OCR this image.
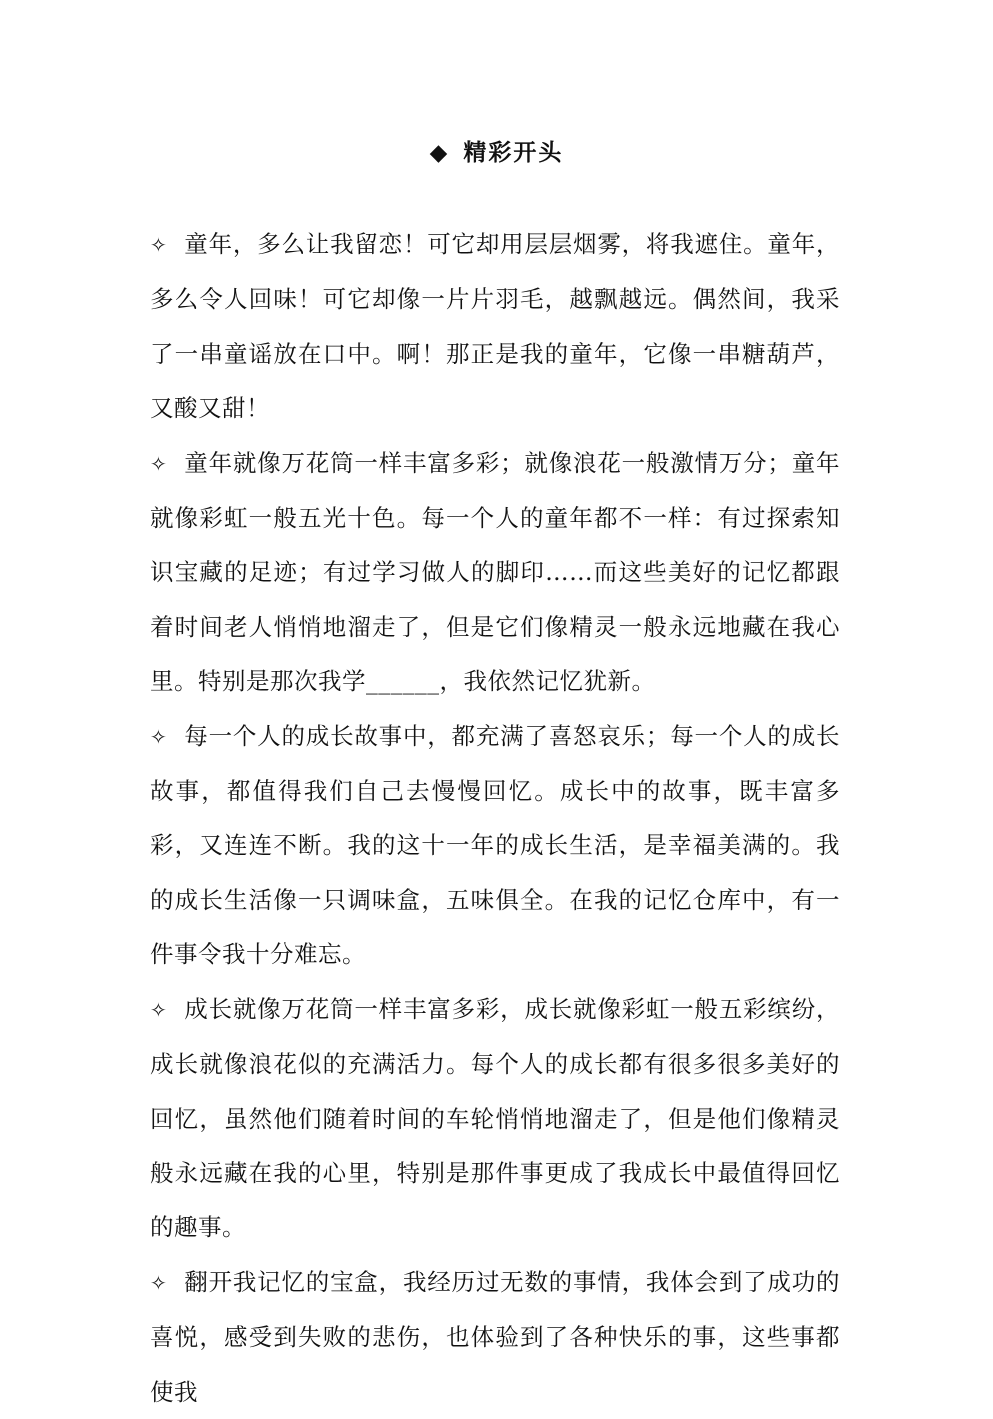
◆ 精彩开头

✧ 童年，多么让我留恋！可它却用层层烟雾，将我遮住。童年，多么令人回味！可它却像一片片羽毛，越飘越远。偶然间，我采了一串童谣放在口中。啊！那正是我的童年，它像一串糖葫芦，又酸又甜！

✧ 童年就像万花筒一样丰富多彩；就像浪花一般激情万分；童年就像彩虹一般五光十色。每一个人的童年都不一样：有过探索知识宝藏的足迹；有过学习做人的脚印……而这些美好的记忆都跟着时间老人悄悄地溜走了，但是它们像精灵一般永远地藏在我心里。特别是那次我学______，我依然记忆犹新。

✧ 每一个人的成长故事中，都充满了喜怒哀乐；每一个人的成长故事，都值得我们自己去慢慢回忆。成长中的故事，既丰富多彩，又连连不断。我的这十一年的成长生活，是幸福美满的。我的成长生活像一只调味盒，五味俱全。在我的记忆仓库中，有一件事令我十分难忘。

✧ 成长就像万花筒一样丰富多彩，成长就像彩虹一般五彩缤纷，成长就像浪花似的充满活力。每个人的成长都有很多很多美好的回忆，虽然他们随着时间的车轮悄悄地溜走了，但是他们像精灵般永远藏在我的心里，特别是那件事更成了我成长中最值得回忆的趣事。

✧ 翻开我记忆的宝盒，我经历过无数的事情，我体会到了成功的喜悦，感受到失败的悲伤，也体验到了各种快乐的事，这些事都使我
